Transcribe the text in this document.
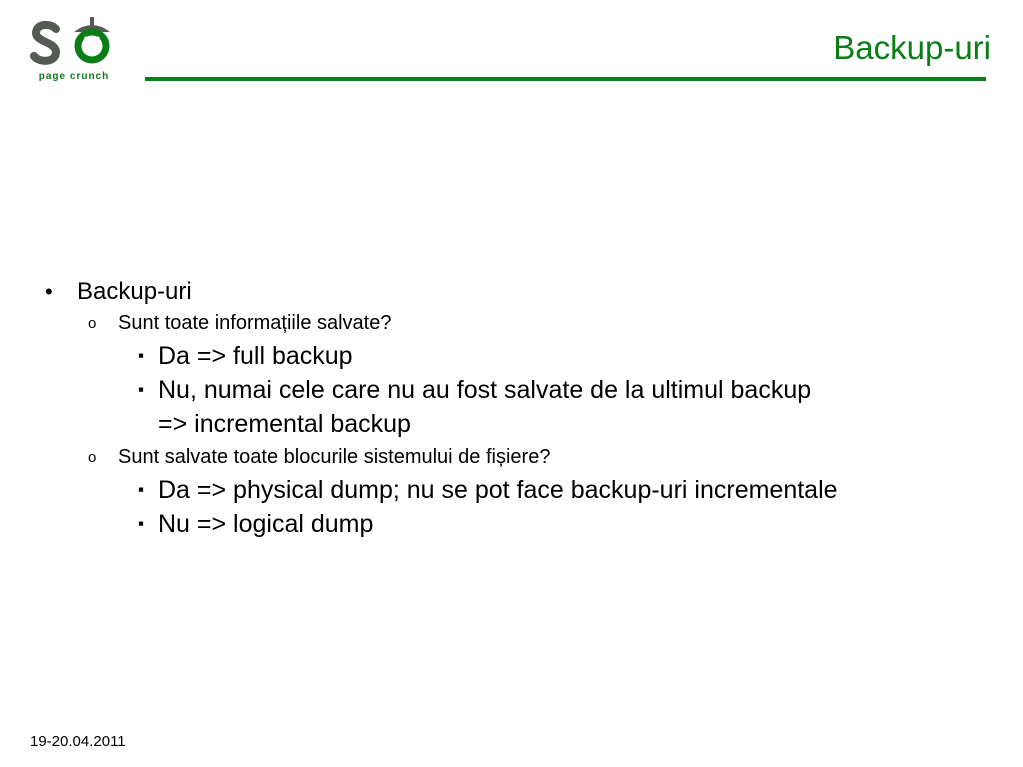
page crunch
Backup-uri
• Backup-uri
o Sunt toate informațiile salvate?
▪ Da => full backup
▪ Nu, numai cele care nu au fost salvate de la ultimul backup
=> incremental backup
o Sunt salvate toate blocurile sistemului de fișiere?
▪ Da => physical dump; nu se pot face backup-uri incrementale
▪ Nu => logical dump
19-20.04.2011
